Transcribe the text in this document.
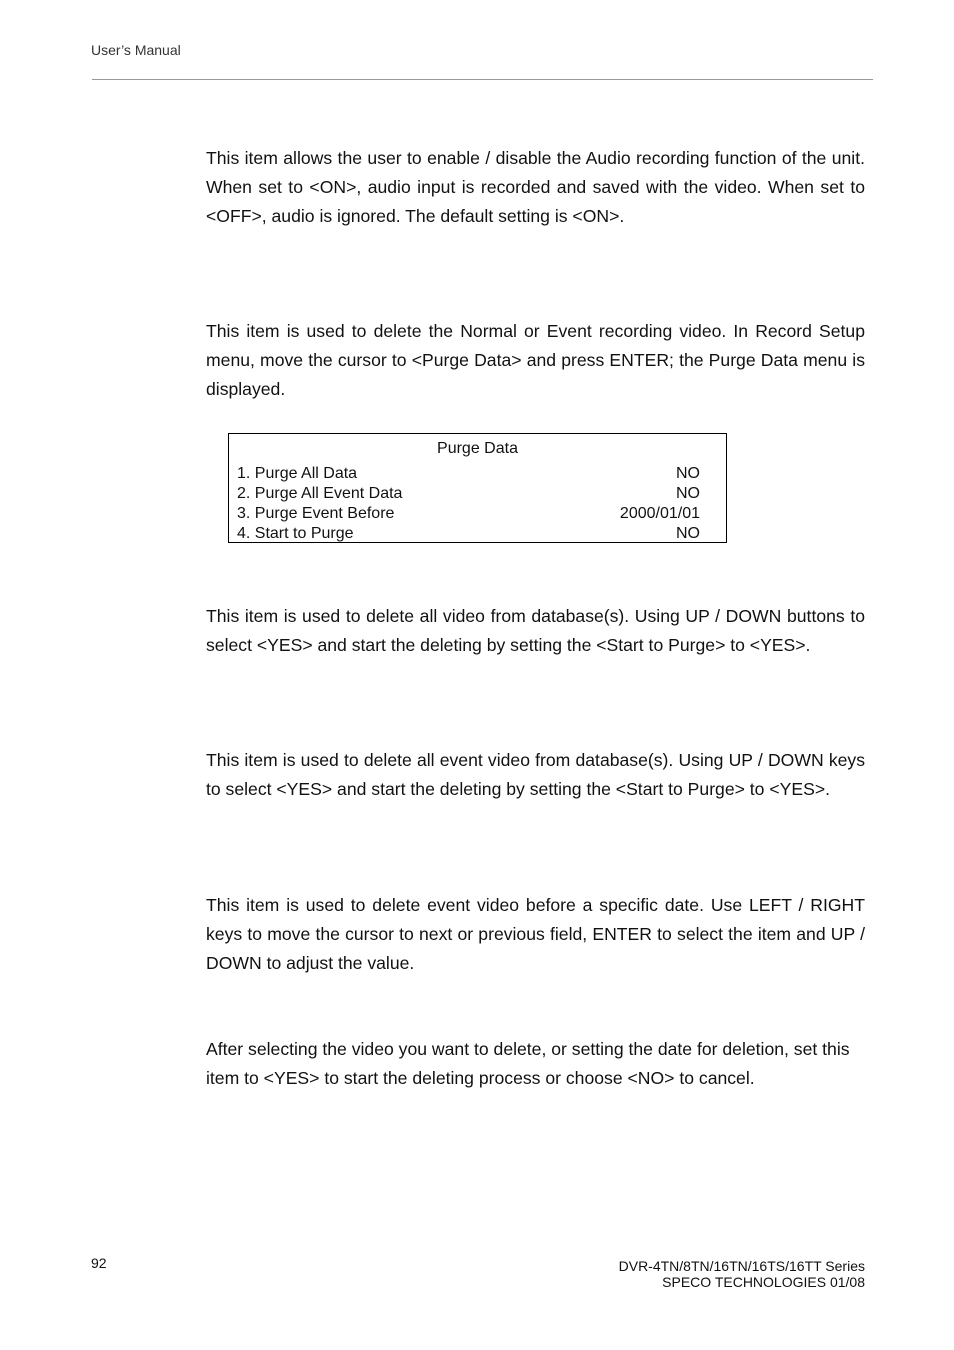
User’s Manual

This item allows the user to enable / disable the Audio recording function of the unit. When set to <ON>, audio input is recorded and saved with the video. When set to <OFF>, audio is ignored. The default setting is <ON>.

This item is used to delete the Normal or Event recording video. In Record Setup menu, move the cursor to <Purge Data> and press ENTER; the Purge Data menu is displayed.

Purge Data
1. Purge All Data	NO
2. Purge All Event Data	NO
3. Purge Event Before	2000/01/01
4. Start to Purge	NO

This item is used to delete all video from database(s). Using UP / DOWN buttons to select <YES> and start the deleting by setting the <Start to Purge> to <YES>.

This item is used to delete all event video from database(s). Using UP / DOWN keys to select <YES> and start the deleting by setting the <Start to Purge> to <YES>.

This item is used to delete event video before a specific date. Use LEFT / RIGHT keys to move the cursor to next or previous field, ENTER to select the item and UP / DOWN to adjust the value.

After selecting the video you want to delete, or setting the date for deletion, set this item to <YES> to start the deleting process or choose <NO> to cancel.

92	DVR-4TN/8TN/16TN/16TS/16TT Series
SPECO TECHNOLOGIES 01/08
